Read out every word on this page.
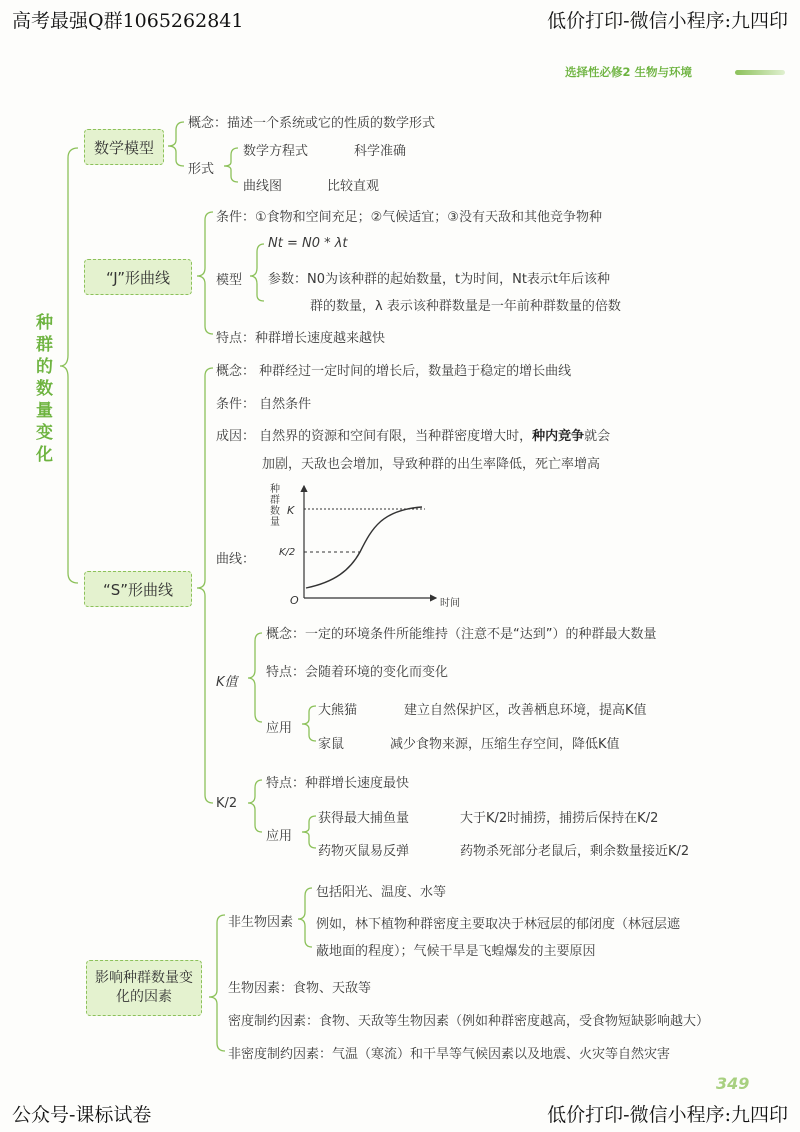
高考最强Q群1065262841	低价打印-微信小程序:九四印
公众号-课标试卷	低价打印-微信小程序:九四印
选择性必修2 生物与环境
种群的数量变化
数学模型
概念：描述一个系统或它的性质的数学形式
形式
数学方程式	科学准确
曲线图	比较直观
“J”形曲线
条件：①食物和空间充足；②气候适宜；③没有天敌和其他竞争物种
模型
Nt = N0 * λt
参数：N0为该种群的起始数量，t为时间，Nt表示t年后该种
群的数量，λ 表示该种群数量是一年前种群数量的倍数
特点：种群增长速度越来越快
“S”形曲线
概念： 种群经过一定时间的增长后，数量趋于稳定的增长曲线
条件： 自然条件
成因： 自然界的资源和空间有限，当种群密度增大时，种内竞争就会
加剧，天敌也会增加，导致种群的出生率降低，死亡率增高
曲线：
种群数量
K
K/2
O	时间
K值
概念：一定的环境条件所能维持（注意不是“达到”）的种群最大数量
特点：会随着环境的变化而变化
应用
大熊猫	建立自然保护区，改善栖息环境，提高K值
家鼠	减少食物来源，压缩生存空间，降低K值
K/2
特点：种群增长速度最快
应用
获得最大捕鱼量	大于K/2时捕捞，捕捞后保持在K/2
药物灭鼠易反弹	药物杀死部分老鼠后，剩余数量接近K/2
影响种群数量变化的因素
非生物因素
包括阳光、温度、水等
例如，林下植物种群密度主要取决于林冠层的郁闭度（林冠层遮
蔽地面的程度）；气候干旱是飞蝗爆发的主要原因
生物因素：食物、天敌等
密度制约因素：食物、天敌等生物因素（例如种群密度越高，受食物短缺影响越大）
非密度制约因素：气温（寒流）和干旱等气候因素以及地震、火灾等自然灾害
349
